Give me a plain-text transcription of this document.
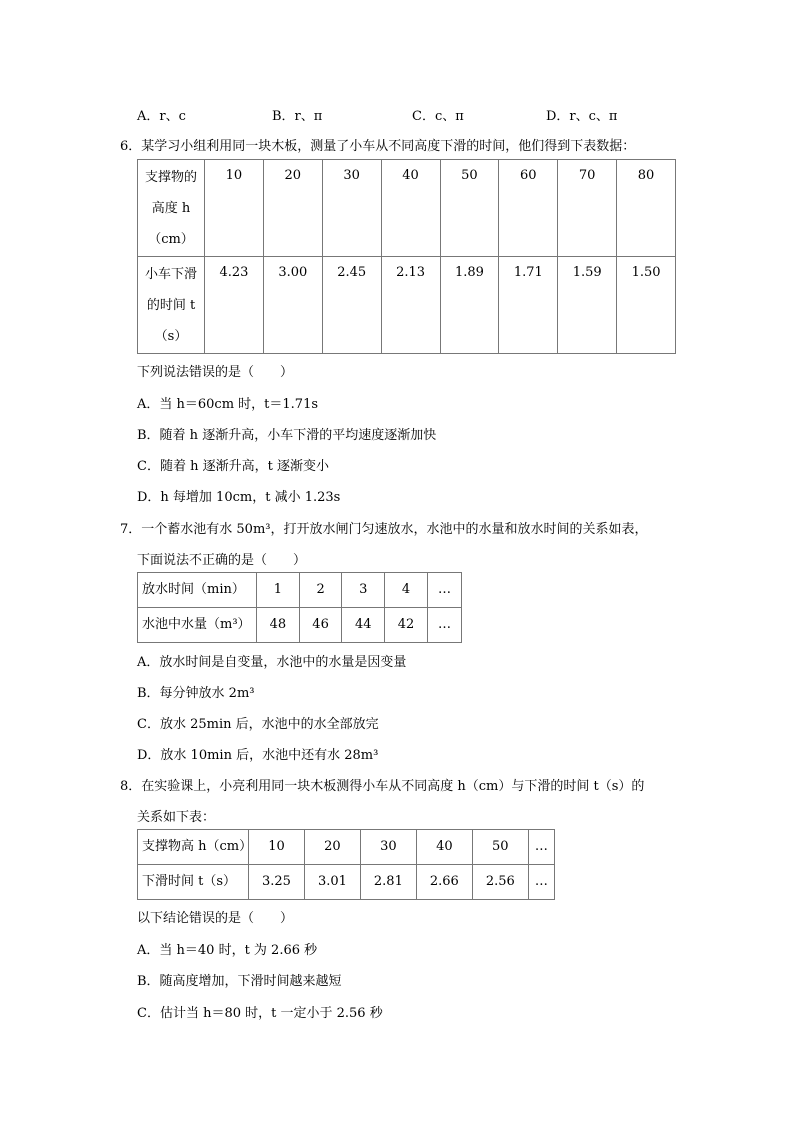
A．r、c	B．r、π	C．c、π	D．r、c、π
6．某学习小组利用同一块木板，测量了小车从不同高度下滑的时间，他们得到下表数据：
支撑物的
高度 h
（cm）	10	20	30	40	50	60	70	80

小车下滑
的时间 t
（s）	4.23	3.00	2.45	2.13	1.89	1.71	1.59	1.50
下列说法错误的是（　　）
A．当 h＝60cm 时，t＝1.71s
B．随着 h 逐渐升高，小车下滑的平均速度逐渐加快
C．随着 h 逐渐升高，t 逐渐变小
D．h 每增加 10cm，t 减小 1.23s
7．一个蓄水池有水 50m³，打开放水闸门匀速放水，水池中的水量和放水时间的关系如表，
下面说法不正确的是（　　）
放水时间（min）	1	2	3	4	…
水池中水量（m³）	48	46	44	42	…
A．放水时间是自变量，水池中的水量是因变量
B．每分钟放水 2m³
C．放水 25min 后，水池中的水全部放完
D．放水 10min 后，水池中还有水 28m³
8．在实验课上，小亮利用同一块木板测得小车从不同高度 h（cm）与下滑的时间 t（s）的
关系如下表：
支撑物高 h（cm）	10	20	30	40	50	…
下滑时间 t（s）	3.25	3.01	2.81	2.66	2.56	…
以下结论错误的是（　　）
A．当 h＝40 时，t 为 2.66 秒
B．随高度增加，下滑时间越来越短
C．估计当 h＝80 时，t 一定小于 2.56 秒
